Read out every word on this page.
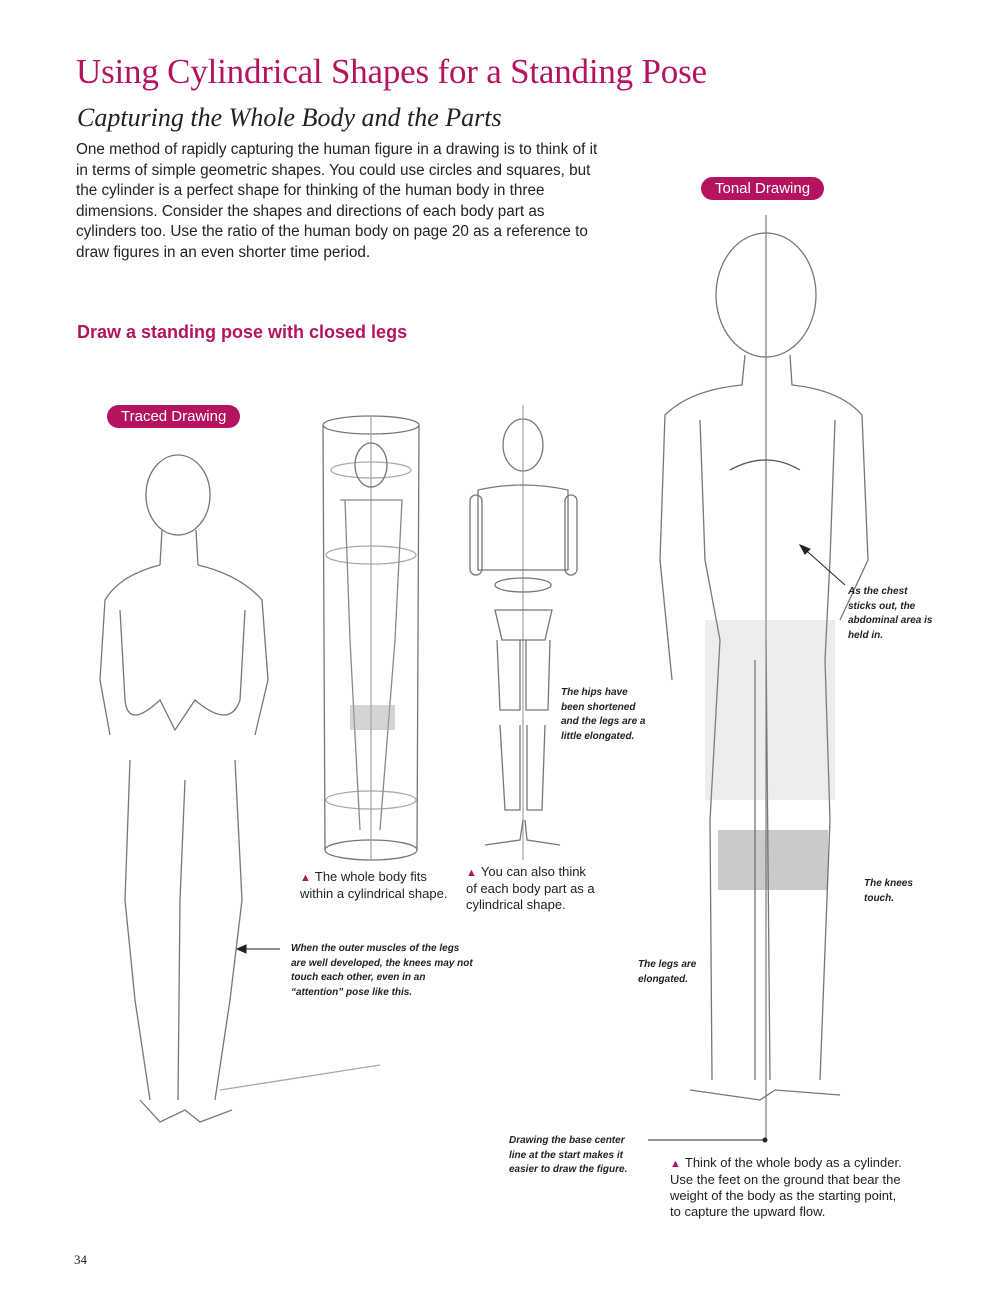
Using Cylindrical Shapes for a Standing Pose
Capturing the Whole Body and the Parts
One method of rapidly capturing the human figure in a drawing is to think of it in terms of simple geometric shapes. You could use circles and squares, but the cylinder is a perfect shape for thinking of the human body in three dimensions. Consider the shapes and directions of each body part as cylinders too. Use the ratio of the human body on page 20 as a reference to draw figures in an even shorter time period.
Draw a standing pose with closed legs
Traced Drawing
Tonal Drawing
▲ The whole body fits within a cylindrical shape.
▲ You can also think of each body part as a cylindrical shape.
▲ Think of the whole body as a cylinder. Use the feet on the ground that bear the weight of the body as the starting point, to capture the upward flow.
When the outer muscles of the legs are well developed, the knees may not touch each other, even in an “attention” pose like this.
The hips have been shortened and the legs are a little elongated.
As the chest sticks out, the abdominal area is held in.
The knees touch.
The legs are elongated.
Drawing the base center line at the start makes it easier to draw the figure.
34
